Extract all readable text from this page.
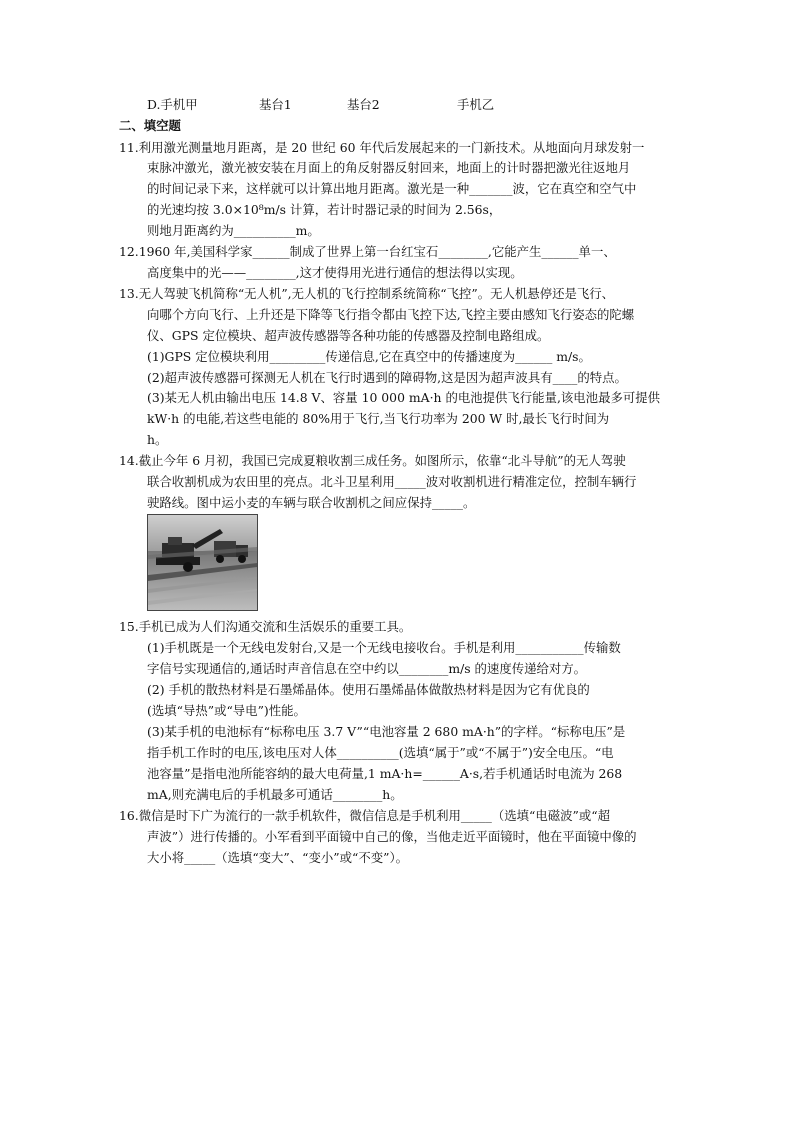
D.手机甲	基台1	基台2	手机乙
二、填空题
11.利用激光测量地月距离，是 20 世纪 60 年代后发展起来的一门新技术。从地面向月球发射一
束脉冲激光，激光被安装在月面上的角反射器反射回来，地面上的计时器把激光往返地月
的时间记录下来，这样就可以计算出地月距离。激光是一种_______波，它在真空和空气中
的光速均按 3.0×10⁸m/s 计算，若计时器记录的时间为 2.56s，
则地月距离约为__________m。
12.1960 年,美国科学家______制成了世界上第一台红宝石________,它能产生______单一、
高度集中的光——________,这才使得用光进行通信的想法得以实现。
13.无人驾驶飞机简称“无人机”,无人机的飞行控制系统简称“飞控”。无人机悬停还是飞行、
向哪个方向飞行、上升还是下降等飞行指令都由飞控下达,飞控主要由感知飞行姿态的陀螺
仪、GPS 定位模块、超声波传感器等各种功能的传感器及控制电路组成。
(1)GPS 定位模块利用_________传递信息,它在真空中的传播速度为______ m/s。
(2)超声波传感器可探测无人机在飞行时遇到的障碍物,这是因为超声波具有____的特点。
(3)某无人机由输出电压 14.8 V、容量 10 000 mA·h 的电池提供飞行能量,该电池最多可提供
kW·h 的电能,若这些电能的 80%用于飞行,当飞行功率为 200 W 时,最长飞行时间为
h。
14.截止今年 6 月初，我国已完成夏粮收割三成任务。如图所示，依靠“北斗导航”的无人驾驶
联合收割机成为农田里的亮点。北斗卫星利用_____波对收割机进行精准定位，控制车辆行
驶路线。图中运小麦的车辆与联合收割机之间应保持_____。
15.手机已成为人们沟通交流和生活娱乐的重要工具。
(1)手机既是一个无线电发射台,又是一个无线电接收台。手机是利用___________传输数
字信号实现通信的,通话时声音信息在空中约以________m/s 的速度传递给对方。
(2) 手机的散热材料是石墨烯晶体。使用石墨烯晶体做散热材料是因为它有优良的
(选填“导热”或“导电”)性能。
(3)某手机的电池标有“标称电压 3.7 V”“电池容量 2 680 mA·h”的字样。“标称电压”是
指手机工作时的电压,该电压对人体__________(选填“属于”或“不属于”)安全电压。“电
池容量”是指电池所能容纳的最大电荷量,1 mA·h=______A·s,若手机通话时电流为 268
mA,则充满电后的手机最多可通话________h。
16.微信是时下广为流行的一款手机软件，微信信息是手机利用_____（选填“电磁波”或“超
声波”）进行传播的。小军看到平面镜中自己的像，当他走近平面镜时，他在平面镜中像的
大小将_____（选填“变大”、“变小”或“不变”）。
